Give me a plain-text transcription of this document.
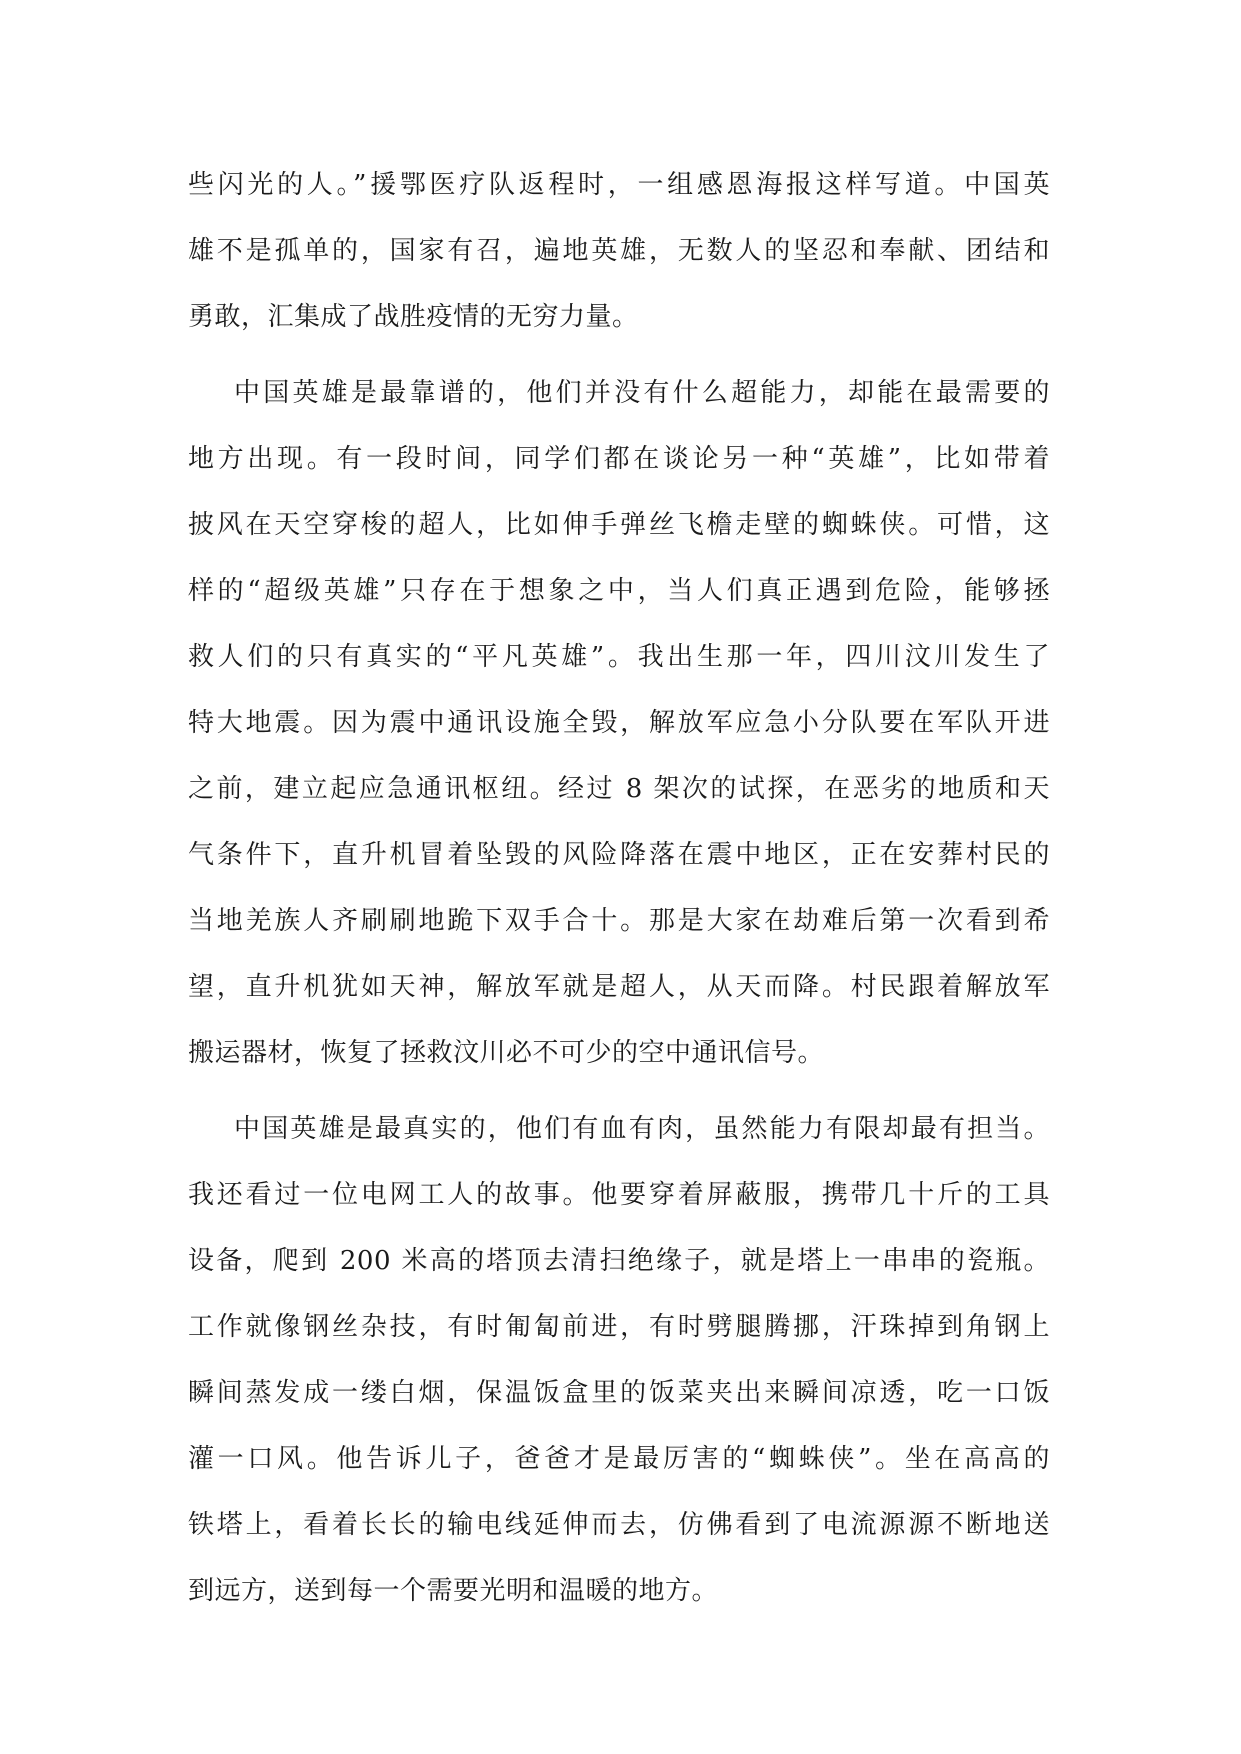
些闪光的人。”援鄂医疗队返程时，一组感恩海报这样写道。中国英
雄不是孤单的，国家有召，遍地英雄，无数人的坚忍和奉献、团结和
勇敢，汇集成了战胜疫情的无穷力量。
中国英雄是最靠谱的，他们并没有什么超能力，却能在最需要的
地方出现。有一段时间，同学们都在谈论另一种“英雄”，比如带着
披风在天空穿梭的超人，比如伸手弹丝飞檐走壁的蜘蛛侠。可惜，这
样的“超级英雄”只存在于想象之中，当人们真正遇到危险，能够拯
救人们的只有真实的“平凡英雄”。我出生那一年，四川汶川发生了
特大地震。因为震中通讯设施全毁，解放军应急小分队要在军队开进
之前，建立起应急通讯枢纽。经过 8 架次的试探，在恶劣的地质和天
气条件下，直升机冒着坠毁的风险降落在震中地区，正在安葬村民的
当地羌族人齐刷刷地跪下双手合十。那是大家在劫难后第一次看到希
望，直升机犹如天神，解放军就是超人，从天而降。村民跟着解放军
搬运器材，恢复了拯救汶川必不可少的空中通讯信号。
中国英雄是最真实的，他们有血有肉，虽然能力有限却最有担当。
我还看过一位电网工人的故事。他要穿着屏蔽服，携带几十斤的工具
设备，爬到 200 米高的塔顶去清扫绝缘子，就是塔上一串串的瓷瓶。
工作就像钢丝杂技，有时匍匐前进，有时劈腿腾挪，汗珠掉到角钢上
瞬间蒸发成一缕白烟，保温饭盒里的饭菜夹出来瞬间凉透，吃一口饭
灌一口风。他告诉儿子，爸爸才是最厉害的“蜘蛛侠”。坐在高高的
铁塔上，看着长长的输电线延伸而去，仿佛看到了电流源源不断地送
到远方，送到每一个需要光明和温暖的地方。
